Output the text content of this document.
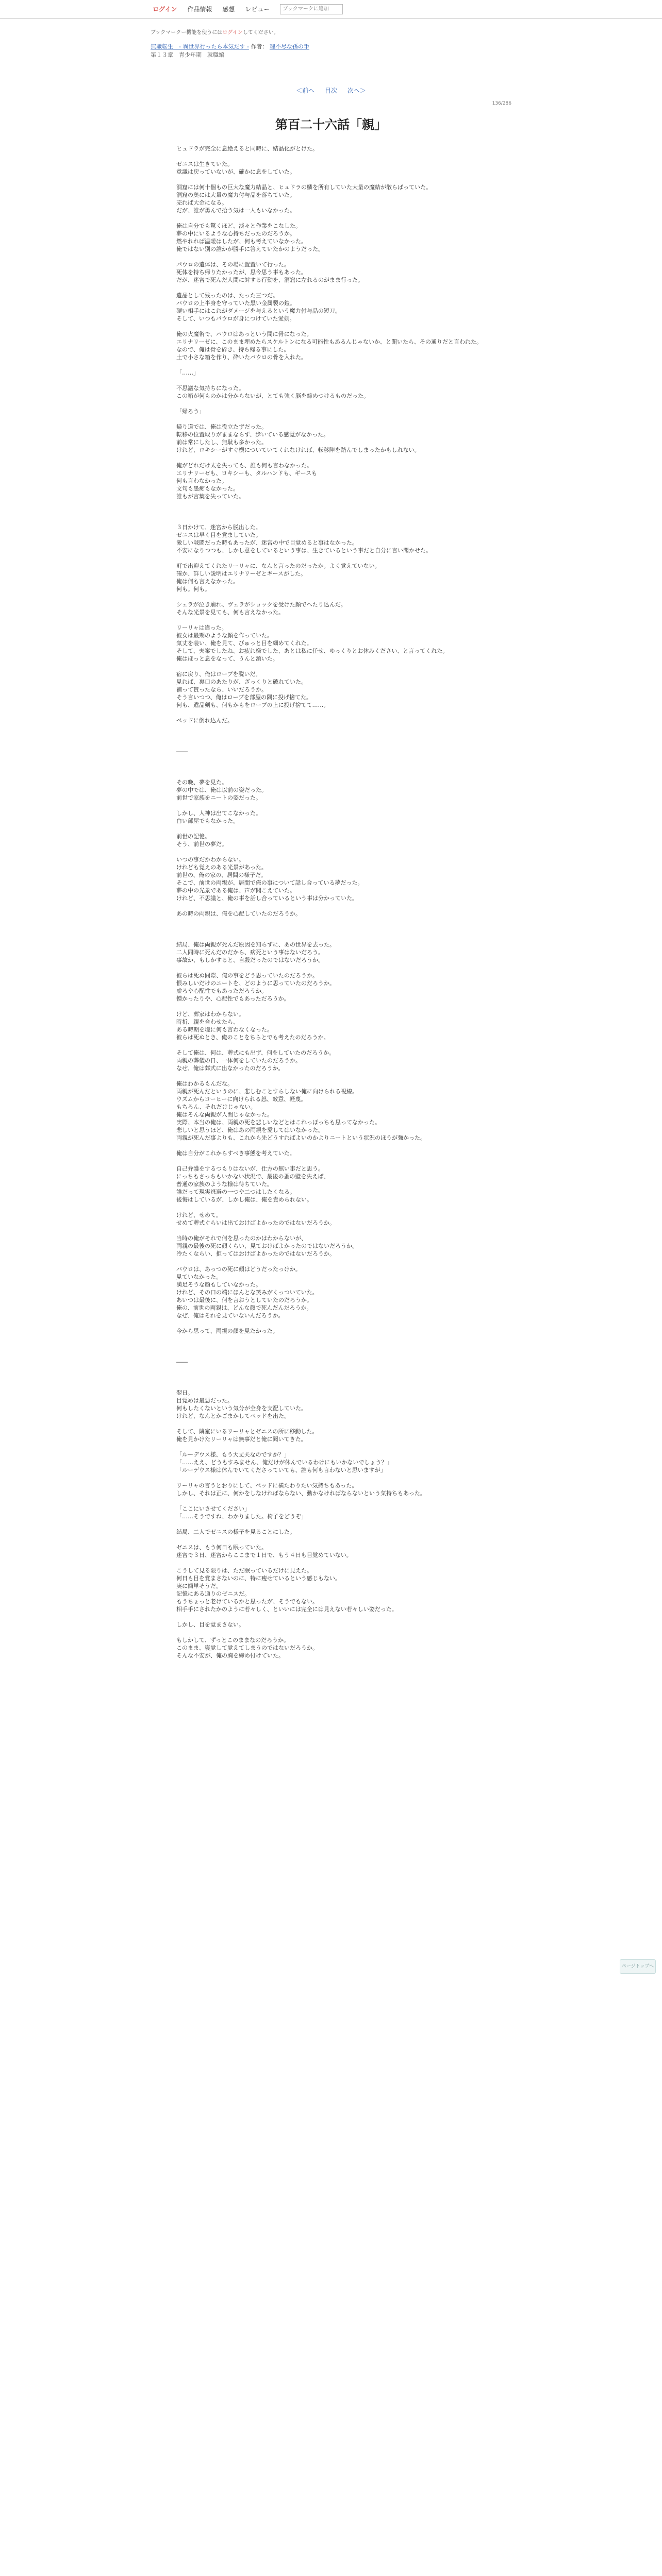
ログイン 作品情報 感想 レビュー
ブックマークに追加
ブックマークー機能を使うにはログインしてください。
無職転生　- 異世界行ったら本気だす - 作者： 理不尽な孫の手
第１３章　青少年期　就職編
＜前へ 目次 次へ＞
136/286
第百二十六話「親」

ヒュドラが完全に息絶えると同時に、結晶化がとけた。

ゼニスは生きていた。

意識は戻っていないが、確かに息をしていた。

洞窟には何十個もの巨大な魔力結晶と、ヒュドラの鱗を所有していた大量の魔結が散らばっていた。

洞窟の奥には大量の魔力付与品を落ちていた。

売れば大金になる。

だが、誰が勇んで拾う気は一人もいなかった。

俺は自分でも驚くほど、淡々と作業をこなした。

夢の中にいるような心持ちだったのだろうか。

燃やれれば温暖はしたが、何も考えていなかった。

俺ではない別の誰かが勝手に答えていたかのようだった。

パウロの遺体は、その場に置置いて行った。

死体を持ち帰りたかったが、思今思う事もあった。

だが、迷宮で死んだ人間に対する行動を、洞窟に左れるのがまま行った。

遺品として残ったのは、たった三つだ。

パウロの上半身を守っていた黒い金属製の鎧。

硬い相手にはこれがダメージを与えるという魔力付与品の短刀。

そして、いつもパウロが身につけていた愛剣。

俺の火魔術で、パウロはあっという間に骨になった。

エリナリーゼに、このまま埋めたらスケルトンになる可能性もあるんじゃないか、と聞いたら、その通りだと言われた。

なので、俺は骨を砕き、持ち帰る事にした。

土で小さな箱を作り、砕いたパウロの骨を入れた。

「……」

不思議な気持ちになった。

この箱が何ものかは分からないが、とても強く脳を締めつけるものだった。

「帰ろう」

帰り道では、俺は役立たずだった。

転移の位置取りがままならず、歩いている感覚がなかった。

前は常にしたし、無駄も多かった。

けれど、ロキシーがすぐ横についていてくれなければ、転移陣を踏んでしまったかもしれない。

俺がどれだけ太を失っても、誰も何も言わなかった。

エリナリーゼも、ロキシーも、タルハンドも、ギースも

何も言わなかった。

文句も愚痴もなかった。

誰もが言葉を失っていた。

３日かけて、迷宮から脱出した。

ゼニスは早く目を覚ましていた。

激しい戦闘だった時もあったが、迷宮の中で目覚めると事はなかった。

不安になりつつも、しかし意をしているという事は、生きているという事だと自分に言い聞かせた。

町で出迎えてくれたリーリャに、なんと言ったのだったか。よく覚えていない。

確か、詳しい説明はエリナリーゼとギースがした。

俺は何も言えなかった。

何も。何も。

シェラが泣き崩れ、ヴェラがショックを受けた顔でへたり込んだ。

そんな光景を見ても、何も言えなかった。

リーリャは違った。

彼女は最期のような顔を作っていた。

気丈を装い、俺を見て、びゅっと目を細めてくれた。

そして、夫案でしたね、お疲れ様でした、あとは私に任せ、ゆっくりとお休みください、と言ってくれた。

俺はほっと息をなって、うんと頷いた。

宿に戻り、俺はローブを脱いだ。

見れば、裏口のあたりが、ざっくりと破れていた。

補って貰ったなら、いいだろうか。

そう言いつつ、俺はローブを部屋の隅に投げ捨てた。

何も、遺品剣も、何もかもをローブの上に投げ捨てて……。

ベッドに倒れ込んだ。

――

その晩、夢を見た。

夢の中では、俺は以前の姿だった。

前世で家族をニートの姿だった。

しかし、人神は出てこなかった。

白い部屋でもなかった。

前世の記憶。

そう、前世の夢だ。

いつの事だかわからない。

けれども覚えのある光景があった。

前世の、俺の家の、居間の様子だ。

そこで、前世の両親が、居間で俺の事について話し合っている夢だった。

夢の中の光景である俺は、声が聞こえていた。

けれど、不思議と、俺の事を話し合っているという事は分かっていた。

あの時の両親は、俺を心配していたのだろうか。

結局、俺は両親が死んだ原因を知らずに、あの世界を去った。

二人同時に死んだのだから、病死という事はないだろう。

事故か、もしかすると、自殺だったのではないだろうか。

彼らは死ぬ間際、俺の事をどう思っていたのだろうか。

恨みしいだけのニートを、どのように思っていたのだろうか。

虚ろや心配性でもあっただろうか。

憎かったりや、心配性でもあっただろうか。

けど、葬家はわからない。

時折、親を合わせたら、

ある時期を境に何も言わなくなった。

彼らは死ぬとき、俺のことをちらとでも考えたのだろうか。

そして俺は、何は、葬式にも出ず、何をしていたのだろうか。

両親の葬儀の日、一体何をしていたのだろうか。

なぜ、俺は葬式に出なかったのだろうか。

俺はわかるもんだな。

両親が死んだというのに、悲しむことすらしない俺に向けられる視線。

ウズムからコーヒーに向けられる怒、敵意、軽蔑。

もちろん、それだけじゃない。

俺はそんな両親が人間じゃなかった。

実際、本当の俺は、両親の死を悲しいなどとはこれっぽっちも思ってなかった。

悲しいと思うほど、俺はあの両親を愛してはいなかった。

両親が死んだ事よりも、これから先どうすればよいのかよりニートという状況のほうが強かった。

俺は自分がこれからすべき事態を考えていた。

自己弁護をするつもりはないが、仕方の無い事だと思う。

にっちもさっちもいかない状況で、最後の蚤の壁を失えば、

普通の家族のような様は待ちていた。

誰だって現実逃避の一つや二つはしたくなる。

後悔はしているが、しかし俺は、俺を責められない。

けれど、せめて。

せめて葬式ぐらいは出ておけばよかったのではないだろうか。

当時の俺がそれで何を思ったのかはわからないが、

両親の最後の死に顔くらい、見ておけばよかったのではないだろうか。

冷たくならい、拒ってはおけばよかったのではないだろうか。

パウロは、あっつの死に顔はどうだったっけか。

見ていなかった。

満足そうな顔もしていなかった。

けれど、その口の端にほんとな笑みがくっついていた。

あいつは最後に、何を言おうとしていたのだろうか。

俺の、前世の両親は、どんな顔で死んだんだろうか。

なぜ、俺はそれを見ていないんだろうか。

今から思って、両親の顔を見たかった。

――

翌日。

目覚めは最悪だった。

何もしたくないという気分が全身を支配していた。

けれど、なんとかごまかしてベッドを出た。

そして、隣室にいるリーリャとゼニスの所に移動した。

俺を見かけたリーリャは無事だと俺に聞いてきた。

「ルーデウス様、もう大丈夫なのですか？」

「……ええ、どうもすみません、俺だけが休んでいるわけにもいかないでしょう？」

「ルーデウス様は休んでいてくださっていても、誰も何も言わないと思いますが」

リーリャの言うとおりにして、ベッドに横たわりたい気持ちもあった。

しかし、それは正に、何かをしなければならない、動かなければならないという気持ちもあった。

「ここにいさせてください」

「……そうですね、わかりました。椅子をどうぞ」

結局、二人でゼニスの様子を見ることにした。

ゼニスは、もう何日も眠っていた。

迷宮で３日、迷宮からここまで１日で、もう４日も目覚めていない。

こうして見る限りは、ただ眠っているだけに見えた。

何日も目を覚まさないのに、特に痩せているという感じもない。

実に簡単そうだ。

記憶にある通りのゼニスだ。

もうちょっと老けているかと思ったが、そうでもない。

相手手にされたかのように若々しく、といいには完全には見えない若々しい姿だった。

しかし、目を覚まさない。

もしかして、ずっとこのままなのだろうか。

このまま、寝覚して覚えてしまうのではないだろうか。

そんな不安が、俺の胸を締め付けていた。

ページトップへ
